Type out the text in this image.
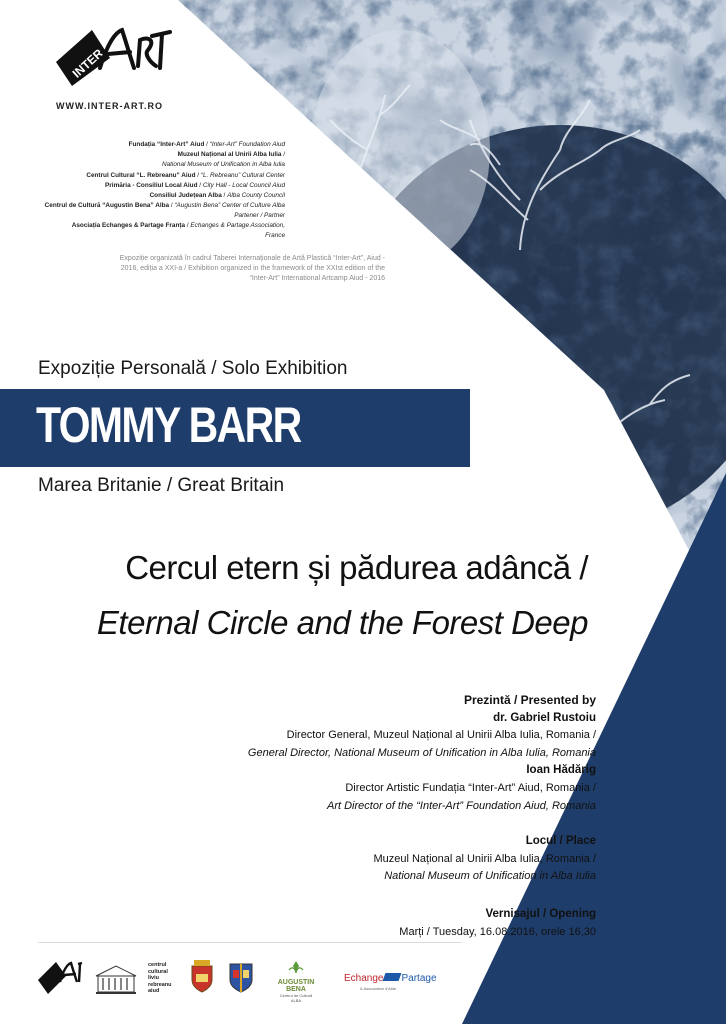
INTER
WWW.INTER-ART.RO
Fundația “Inter-Art” Aiud / “Inter-Art” Foundation Aiud
Muzeul Național al Unirii Alba Iulia /
National Museum of Unification in Alba Iulia
Centrul Cultural “L. Rebreanu” Aiud / “L. Rebreanu” Cultural Center
Primăria - Consiliul Local Aiud / City Hall - Local Council Aiud
Consiliul Județean Alba / Alba County Council
Centrul de Cultură “Augustin Bena” Alba / “Augustin Bena” Center of Culture Alba
Partener / Partner
Asociația Echanges & Partage Franța / Echanges & Partage Association, France
Expoziție organizată în cadrul Taberei Internaționale de Artă Plastică “Inter-Art”, Aiud -
2016, ediția a XXI-a / Exhibition organized in the framework of the XXIst edition of the
“Inter-Art” International Artcamp Aiud - 2016
Expoziție Personală / Solo Exhibition
TOMMY BARR
Marea Britanie / Great Britain
Cercul etern și pădurea adâncă /
Eternal Circle and the Forest Deep
Prezintă / Presented by
dr. Gabriel Rustoiu
Director General, Muzeul Național al Unirii Alba Iulia, Romania /
General Director, National Museum of Unification in Alba Iulia, Romania
Ioan Hădărig
Director Artistic Fundația “Inter-Art” Aiud, Romania /
Art Director of the “Inter-Art” Foundation Aiud, Romania
Locul / Place
Muzeul Național al Unirii Alba Iulia, Romania /
National Museum of Unification in Alba Iulia
Vernisajul / Opening
Marți / Tuesday, 16.08.2016, orele 16,30
centrul
cultural
liviu
rebreanu
aiud
AUGUSTIN BENA
Centrul de Cultură
ALBA
Echange Partage
& Association d'Aide
